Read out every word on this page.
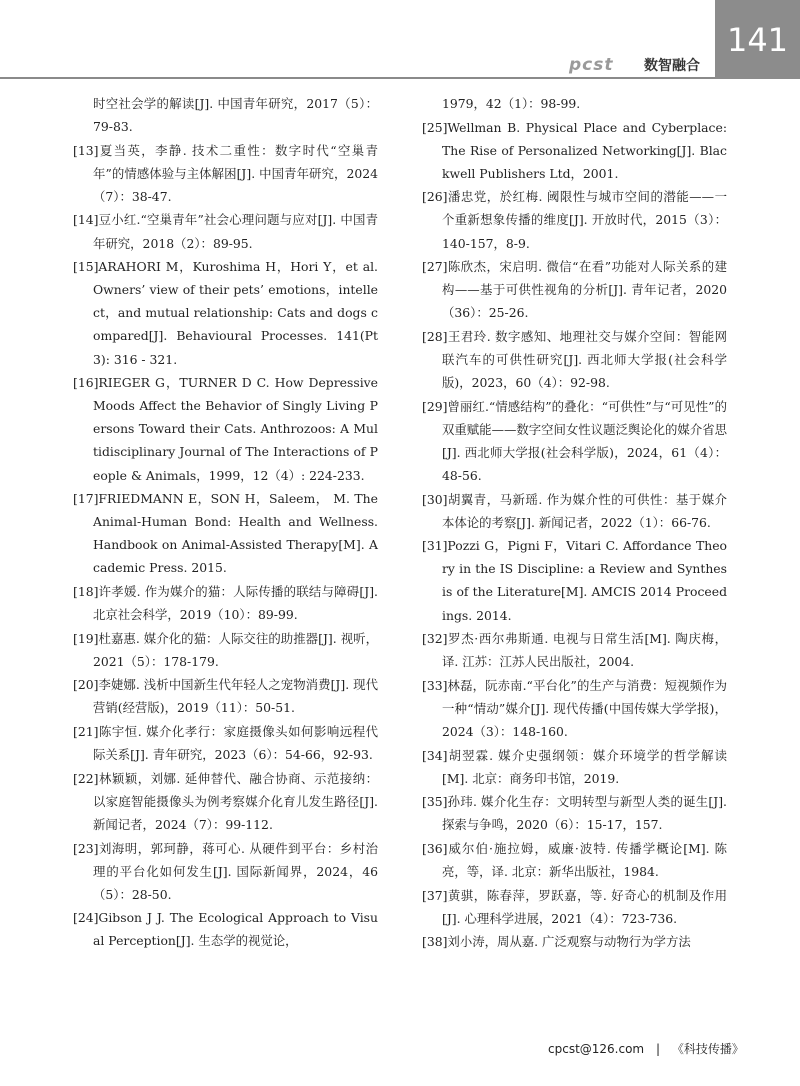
pcst 数智融合
141

时空社会学的解读[J]. 中国青年研究，2017（5）：79-83.

[13]夏当英，李静. 技术二重性：数字时代“空巢青年”的情感体验与主体解困[J]. 中国青年研究，2024（7）：38-47.

[14]豆小红.“空巢青年”社会心理问题与应对[J]. 中国青年研究，2018（2）：89-95.

[15]ARAHORI M，Kuroshima H，Hori Y，et al. Owners’ view of their pets’ emotions，intellect，and mutual relationship: Cats and dogs compared[J]. Behavioural Processes. 141(Pt3): 316 - 321.

[16]RIEGER G，TURNER D C. How Depressive Moods Affect the Behavior of Singly Living Persons Toward their Cats. Anthrozoos: A Multidisciplinary Journal of The Interactions of People & Animals，1999，12（4）: 224-233.

[17]FRIEDMANN E，SON H，Saleem， M. The Animal-Human Bond: Health and Wellness. Handbook on Animal-Assisted Therapy[M]. Academic Press. 2015.

[18]许孝媛. 作为媒介的猫：人际传播的联结与障碍[J]. 北京社会科学，2019（10）：89-99.

[19]杜嘉惠. 媒介化的猫：人际交往的助推器[J]. 视听，2021（5）：178-179.

[20]李婕娜. 浅析中国新生代年轻人之宠物消费[J]. 现代营销(经营版)，2019（11）：50-51.

[21]陈宇恒. 媒介化孝行：家庭摄像头如何影响远程代际关系[J]. 青年研究，2023（6）：54-66，92-93.

[22]林颖颖，刘娜. 延伸替代、融合协商、示范接纳：以家庭智能摄像头为例考察媒介化育儿发生路径[J]. 新闻记者，2024（7）：99-112.

[23]刘海明，郭珂静，蒋可心. 从硬件到平台：乡村治理的平台化如何发生[J]. 国际新闻界，2024，46（5）：28-50.

[24]Gibson J J. The Ecological Approach to Visual Perception[J]. 生态学的视觉论，

1979，42（1）：98-99.

[25]Wellman B. Physical Place and Cyberplace: The Rise of Personalized Networking[J]. Blackwell Publishers Ltd，2001.

[26]潘忠党，於红梅. 阈限性与城市空间的潜能——一个重新想象传播的维度[J]. 开放时代，2015（3）：140-157，8-9.

[27]陈欣杰，宋启明. 微信“在看”功能对人际关系的建构——基于可供性视角的分析[J]. 青年记者，2020（36）：25-26.

[28]王君玲. 数字感知、地理社交与媒介空间：智能网联汽车的可供性研究[J]. 西北师大学报(社会科学版)，2023，60（4）：92-98.

[29]曾丽红.“情感结构”的叠化：“可供性”与“可见性”的双重赋能——数字空间女性议题泛舆论化的媒介省思[J]. 西北师大学报(社会科学版)，2024，61（4）：48-56.

[30]胡翼青，马新瑶. 作为媒介性的可供性：基于媒介本体论的考察[J]. 新闻记者，2022（1）：66-76.

[31]Pozzi G，Pigni F，Vitari C. Affordance Theory in the IS Discipline: a Review and Synthesis of the Literature[M]. AMCIS 2014 Proceedings. 2014.

[32]罗杰·西尔弗斯通. 电视与日常生活[M]. 陶庆梅，译. 江苏：江苏人民出版社，2004.

[33]林磊，阮赤南.“平台化”的生产与消费：短视频作为一种“情动”媒介[J]. 现代传播(中国传媒大学学报)，2024（3）：148-160.

[34]胡翌霖. 媒介史强纲领：媒介环境学的哲学解读[M]. 北京：商务印书馆，2019.

[35]孙玮. 媒介化生存：文明转型与新型人类的诞生[J]. 探索与争鸣，2020（6）：15-17，157.

[36]威尔伯·施拉姆，威廉·波特. 传播学概论[M]. 陈亮，等，译. 北京：新华出版社，1984.

[37]黄骐，陈春萍，罗跃嘉，等. 好奇心的机制及作用[J]. 心理科学进展，2021（4）：723-736.

[38]刘小涛，周从嘉. 广泛观察与动物行为学方法

cpcst@126.com | 《科技传播》
